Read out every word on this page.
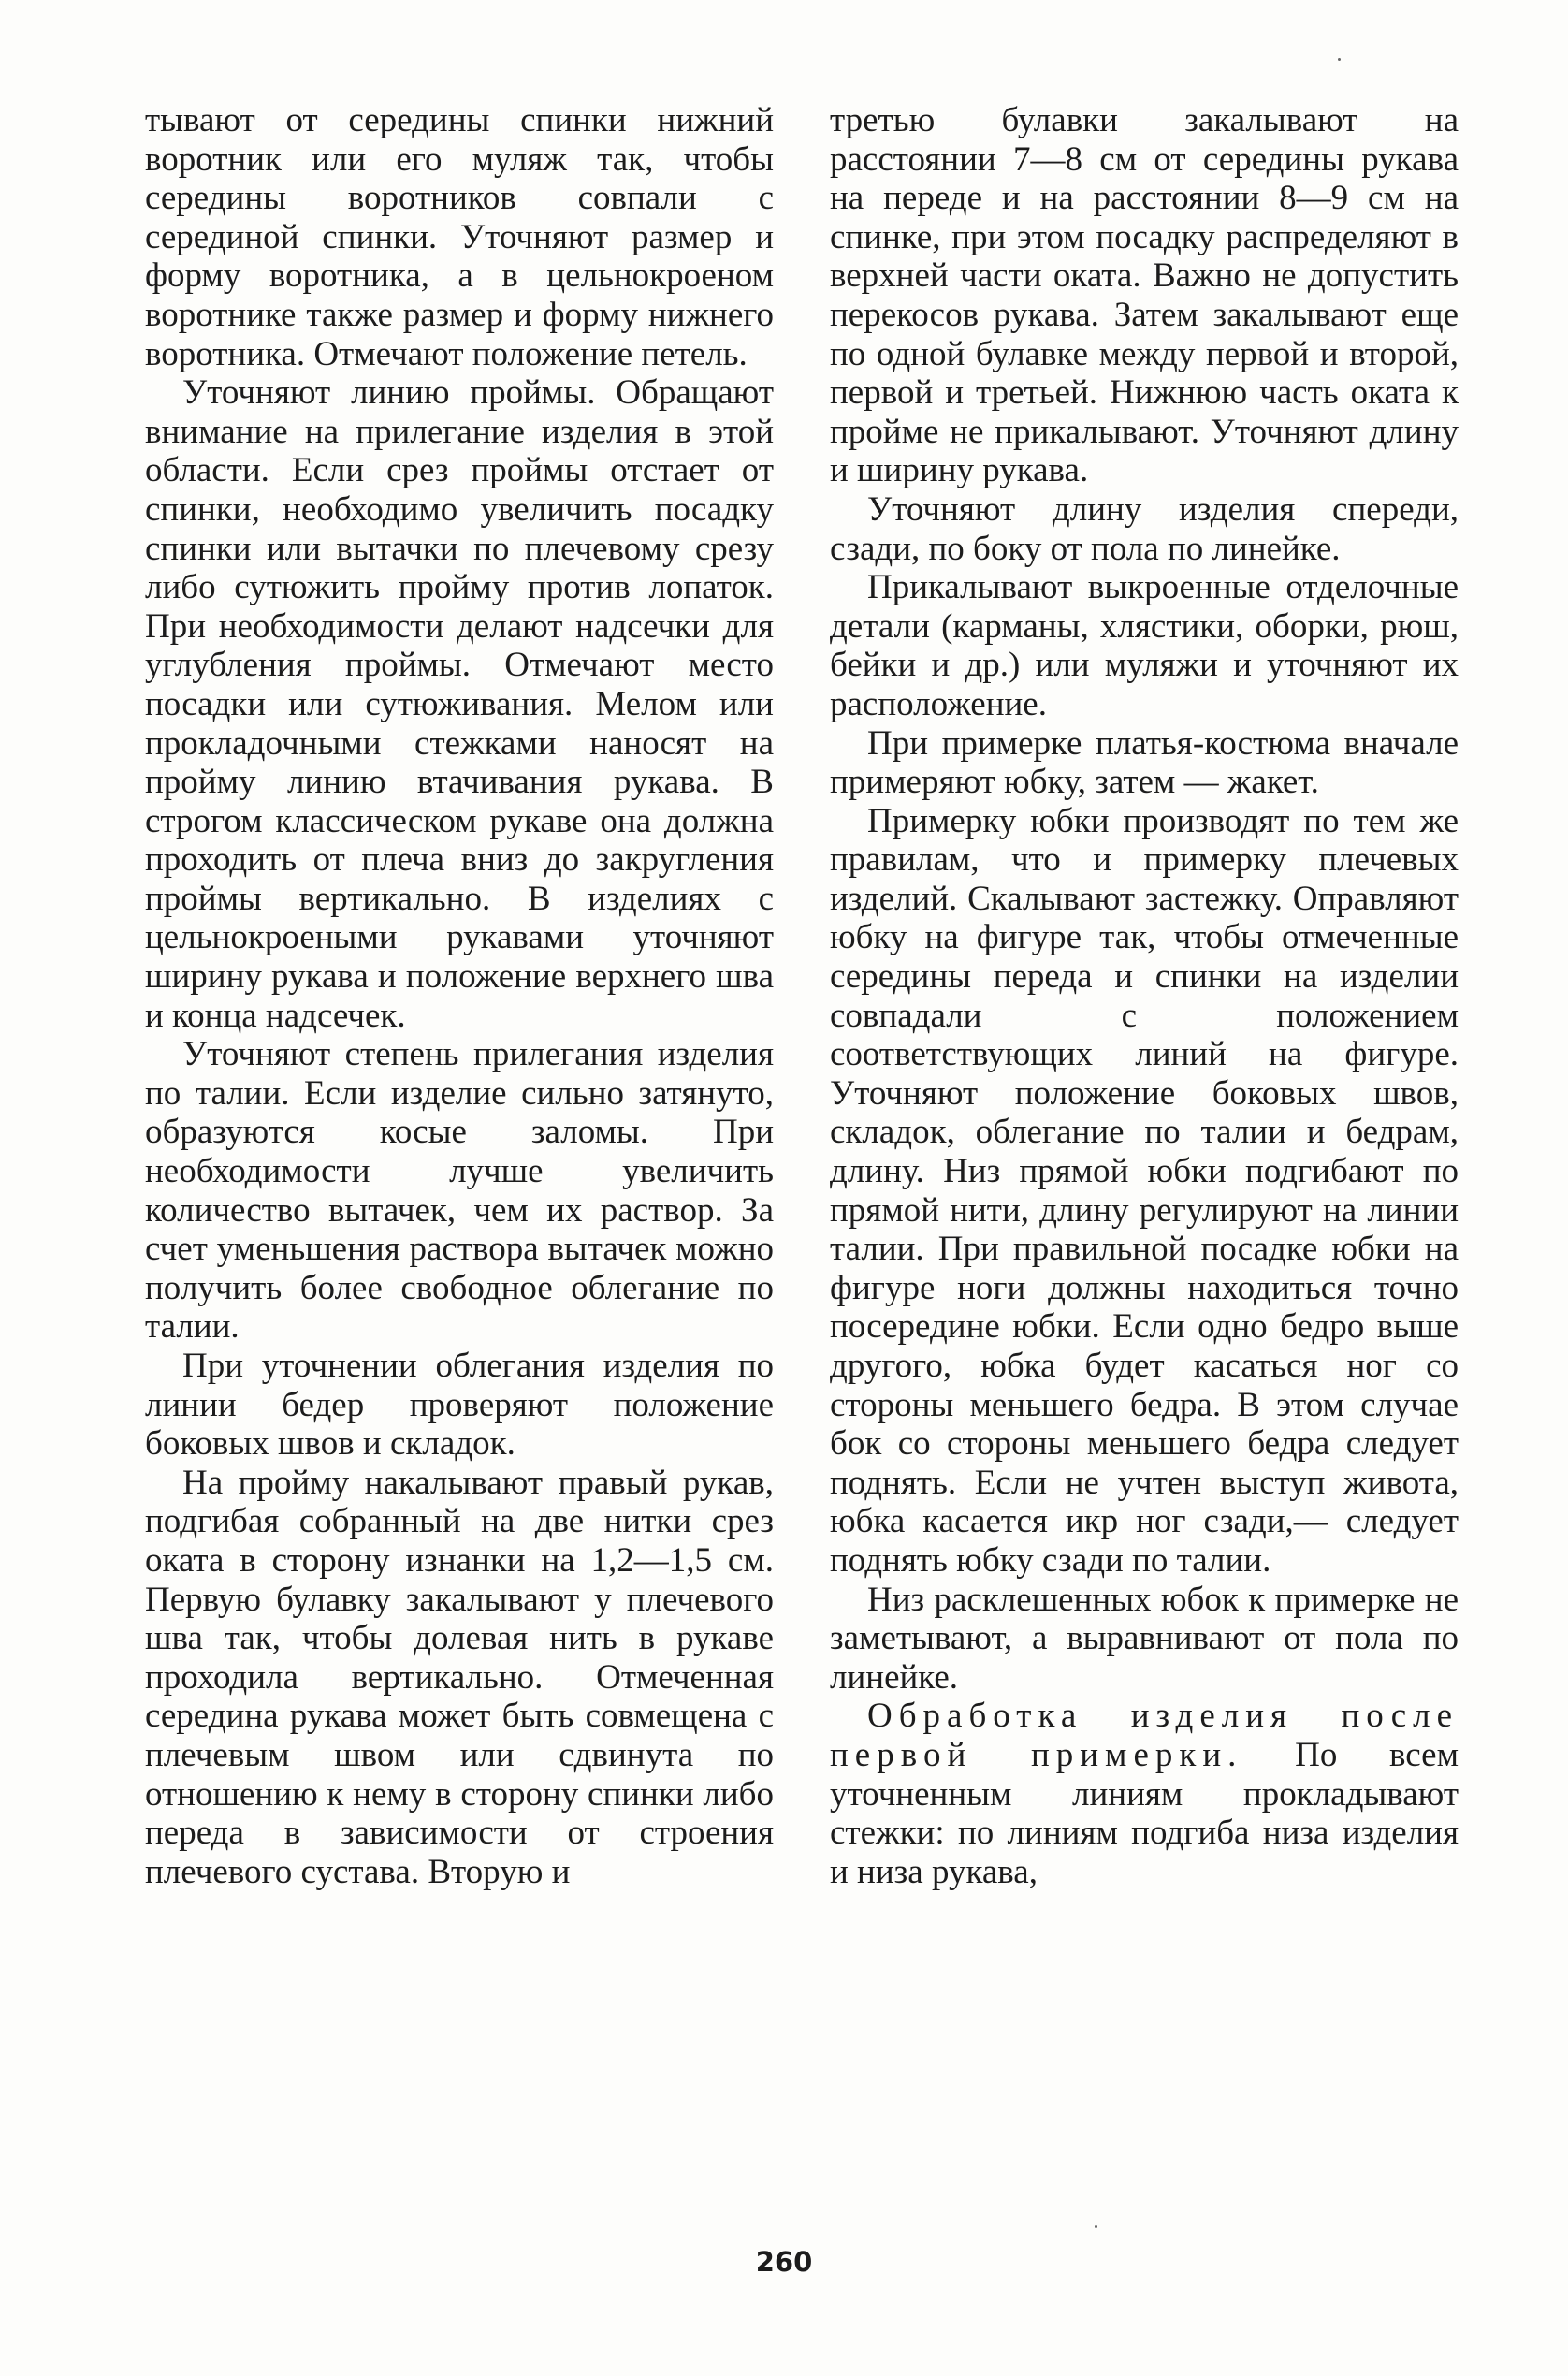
тывают от середины спинки нижний воротник или его муляж так, чтобы середины воротников совпали с серединой спинки. Уточняют размер и форму воротника, а в цельнокроеном воротнике также размер и форму нижнего воротника. Отмечают положение петель.

Уточняют линию проймы. Обращают внимание на прилегание изделия в этой области. Если срез проймы отстает от спинки, необходимо увеличить посадку спинки или вытачки по плечевому срезу либо сутюжить пройму против лопаток. При необходимости делают надсечки для углубления проймы. Отмечают место посадки или сутюживания. Мелом или прокладочными стежками наносят на пройму линию втачивания рукава. В строгом классическом рукаве она должна проходить от плеча вниз до закругления проймы вертикально. В изделиях с цельнокроеными рукавами уточняют ширину рукава и положение верхнего шва и конца надсечек.

Уточняют степень прилегания изделия по талии. Если изделие сильно затянуто, образуются косые заломы. При необходимости лучше увеличить количество вытачек, чем их раствор. За счет уменьшения раствора вытачек можно получить более свободное облегание по талии.

При уточнении облегания изделия по линии бедер проверяют положение боковых швов и складок.

На пройму накалывают правый рукав, подгибая собранный на две нитки срез оката в сторону изнанки на 1,2—1,5 см. Первую булавку закалывают у плечевого шва так, чтобы долевая нить в рукаве проходила вертикально. Отмеченная середина рукава может быть совмещена с плечевым швом или сдвинута по отношению к нему в сторону спинки либо переда в зависимости от строения плечевого сустава. Вторую и

третью булавки закалывают на расстоянии 7—8 см от середины рукава на переде и на расстоянии 8—9 см на спинке, при этом посадку распределяют в верхней части оката. Важно не допустить перекосов рукава. Затем закалывают еще по одной булавке между первой и второй, первой и третьей. Нижнюю часть оката к пройме не прикалывают. Уточняют длину и ширину рукава.

Уточняют длину изделия спереди, сзади, по боку от пола по линейке.

Прикалывают выкроенные отделочные детали (карманы, хлястики, оборки, рюш, бейки и др.) или муляжи и уточняют их расположение.

При примерке платья-костюма вначале примеряют юбку, затем — жакет.

Примерку юбки производят по тем же правилам, что и примерку плечевых изделий. Скалывают застежку. Оправляют юбку на фигуре так, чтобы отмеченные середины переда и спинки на изделии совпадали с положением соответствующих линий на фигуре. Уточняют положение боковых швов, складок, облегание по талии и бедрам, длину. Низ прямой юбки подгибают по прямой нити, длину регулируют на линии талии. При правильной посадке юбки на фигуре ноги должны находиться точно посередине юбки. Если одно бедро выше другого, юбка будет касаться ног со стороны меньшего бедра. В этом случае бок со стороны меньшего бедра следует поднять. Если не учтен выступ живота, юбка касается икр ног сзади,— следует поднять юбку сзади по талии.

Низ расклешенных юбок к примерке не заметывают, а выравнивают от пола по линейке.

Обработка изделия после первой примерки. По всем уточненным линиям прокладывают стежки: по линиям подгиба низа изделия и низа рукава,

260
